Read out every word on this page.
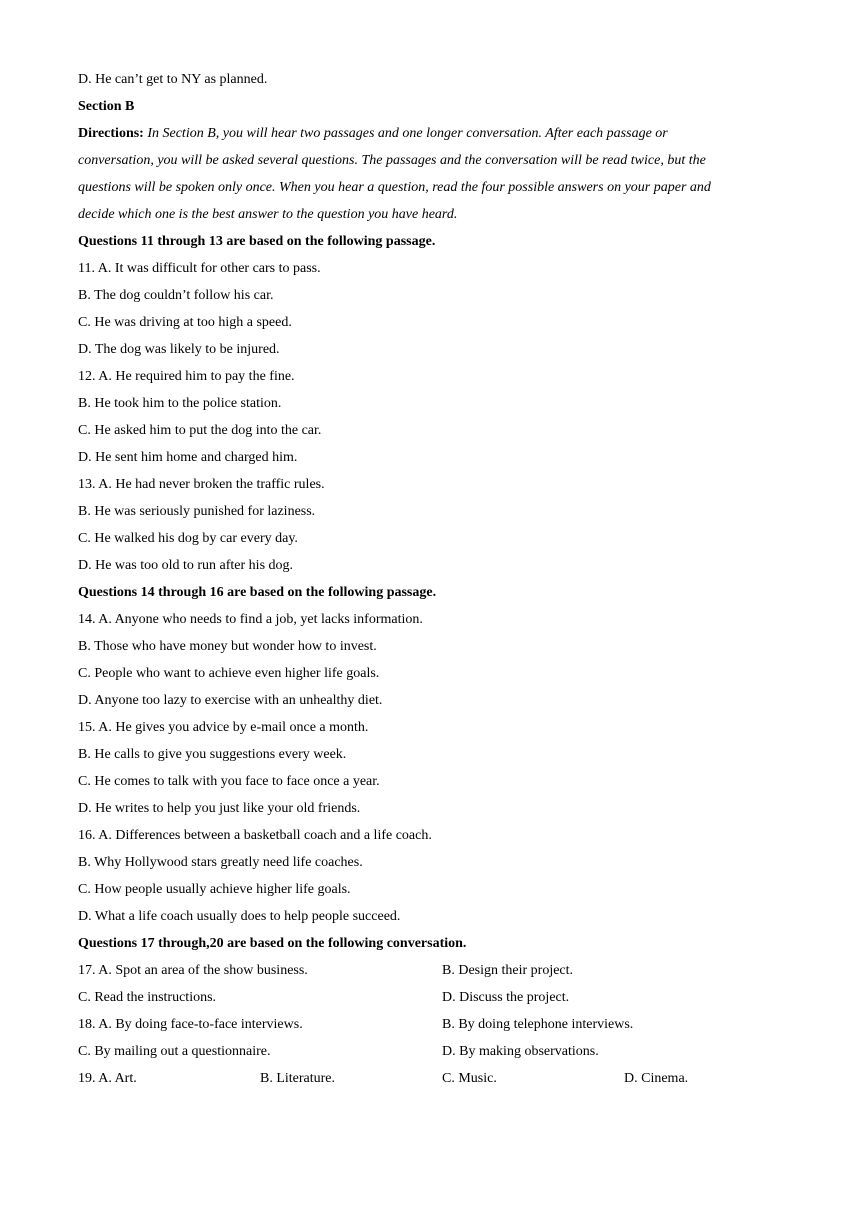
D. He can’t get to NY as planned.
Section B
Directions: In Section B, you will hear two passages and one longer conversation. After each passage or
conversation, you will be asked several questions. The passages and the conversation will be read twice, but the
questions will be spoken only once. When you hear a question, read the four possible answers on your paper and
decide which one is the best answer to the question you have heard.
Questions 11 through 13 are based on the following passage.
11. A. It was difficult for other cars to pass.
B. The dog couldn’t follow his car.
C. He was driving at too high a speed.
D. The dog was likely to be injured.
12. A. He required him to pay the fine.
B. He took him to the police station.
C. He asked him to put the dog into the car.
D. He sent him home and charged him.
13. A. He had never broken the traffic rules.
B. He was seriously punished for laziness.
C. He walked his dog by car every day.
D. He was too old to run after his dog.
Questions 14 through 16 are based on the following passage.
14. A. Anyone who needs to find a job, yet lacks information.
B. Those who have money but wonder how to invest.
C. People who want to achieve even higher life goals.
D. Anyone too lazy to exercise with an unhealthy diet.
15. A. He gives you advice by e-mail once a month.
B. He calls to give you suggestions every week.
C. He comes to talk with you face to face once a year.
D. He writes to help you just like your old friends.
16. A. Differences between a basketball coach and a life coach.
B. Why Hollywood stars greatly need life coaches.
C. How people usually achieve higher life goals.
D. What a life coach usually does to help people succeed.
Questions 17 through,20 are based on the following conversation.
17. A. Spot an area of the show business.	B. Design their project.
C. Read the instructions.	D. Discuss the project.
18. A. By doing face-to-face interviews.	B. By doing telephone interviews.
C. By mailing out a questionnaire.	D. By making observations.
19. A. Art.	B. Literature.	C. Music.	D. Cinema.
